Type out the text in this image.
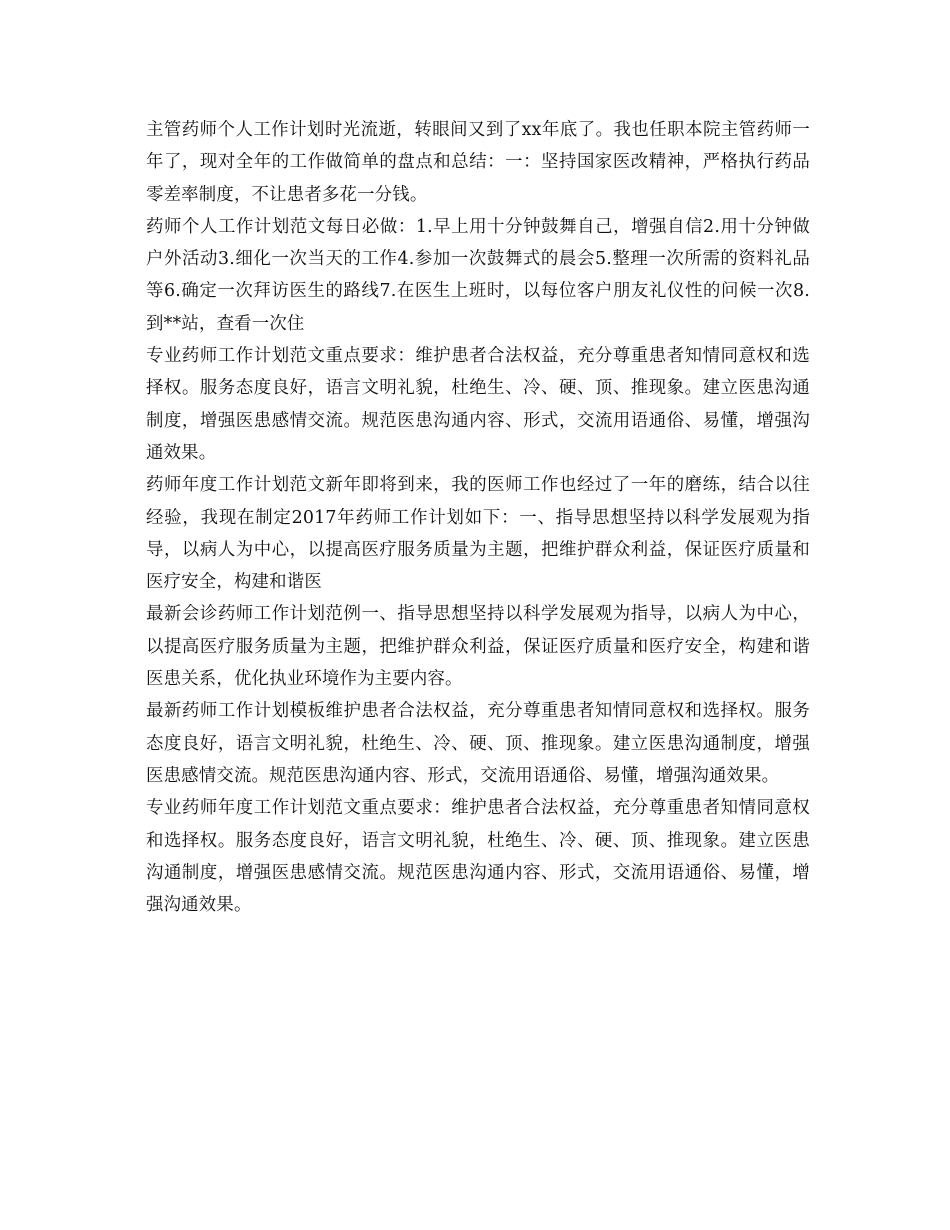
主管药师个人工作计划时光流逝，转眼间又到了xx年底了。我也任职本院主管药师一年了，现对全年的工作做简单的盘点和总结：一：坚持国家医改精神，严格执行药品零差率制度，不让患者多花一分钱。

药师个人工作计划范文每日必做：1.早上用十分钟鼓舞自己，增强自信2.用十分钟做户外活动3.细化一次当天的工作4.参加一次鼓舞式的晨会5.整理一次所需的资料礼品等6.确定一次拜访医生的路线7.在医生上班时，以每位客户朋友礼仪性的问候一次8.到**站，查看一次住

专业药师工作计划范文重点要求：维护患者合法权益，充分尊重患者知情同意权和选择权。服务态度良好，语言文明礼貌，杜绝生、冷、硬、顶、推现象。建立医患沟通制度，增强医患感情交流。规范医患沟通内容、形式，交流用语通俗、易懂，增强沟通效果。

药师年度工作计划范文新年即将到来，我的医师工作也经过了一年的磨练，结合以往经验，我现在制定2017年药师工作计划如下：一、指导思想坚持以科学发展观为指导，以病人为中心，以提高医疗服务质量为主题，把维护群众利益，保证医疗质量和医疗安全，构建和谐医

最新会诊药师工作计划范例一、指导思想坚持以科学发展观为指导，以病人为中心，以提高医疗服务质量为主题，把维护群众利益，保证医疗质量和医疗安全，构建和谐医患关系，优化执业环境作为主要内容。

最新药师工作计划模板维护患者合法权益，充分尊重患者知情同意权和选择权。服务态度良好，语言文明礼貌，杜绝生、冷、硬、顶、推现象。建立医患沟通制度，增强医患感情交流。规范医患沟通内容、形式，交流用语通俗、易懂，增强沟通效果。

专业药师年度工作计划范文重点要求：维护患者合法权益，充分尊重患者知情同意权和选择权。服务态度良好，语言文明礼貌，杜绝生、冷、硬、顶、推现象。建立医患沟通制度，增强医患感情交流。规范医患沟通内容、形式，交流用语通俗、易懂，增强沟通效果。
